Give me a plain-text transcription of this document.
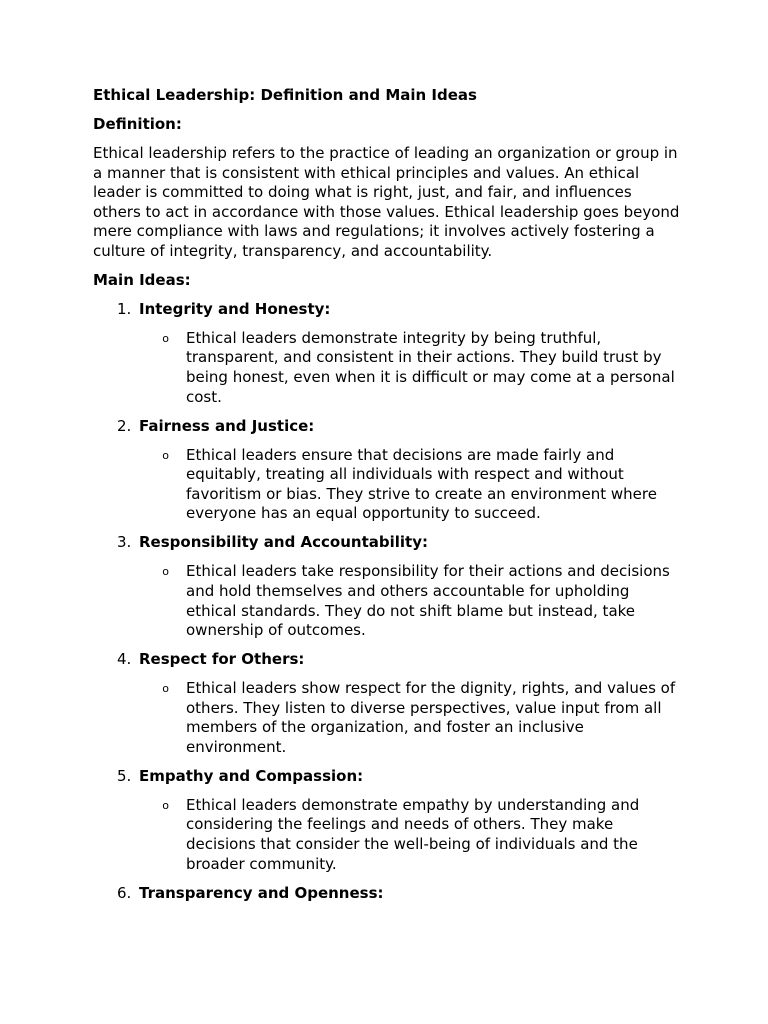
Ethical Leadership: Definition and Main Ideas
Definition:
Ethical leadership refers to the practice of leading an organization or group in a manner that is consistent with ethical principles and values. An ethical leader is committed to doing what is right, just, and fair, and influences others to act in accordance with those values. Ethical leadership goes beyond mere compliance with laws and regulations; it involves actively fostering a culture of integrity, transparency, and accountability.
Main Ideas:
1. Integrity and Honesty:
o	Ethical leaders demonstrate integrity by being truthful, transparent, and consistent in their actions. They build trust by being honest, even when it is difficult or may come at a personal cost.
2. Fairness and Justice:
o	Ethical leaders ensure that decisions are made fairly and equitably, treating all individuals with respect and without favoritism or bias. They strive to create an environment where everyone has an equal opportunity to succeed.
3. Responsibility and Accountability:
o	Ethical leaders take responsibility for their actions and decisions and hold themselves and others accountable for upholding ethical standards. They do not shift blame but instead, take ownership of outcomes.
4. Respect for Others:
o	Ethical leaders show respect for the dignity, rights, and values of others. They listen to diverse perspectives, value input from all members of the organization, and foster an inclusive environment.
5. Empathy and Compassion:
o	Ethical leaders demonstrate empathy by understanding and considering the feelings and needs of others. They make decisions that consider the well-being of individuals and the broader community.
6. Transparency and Openness:
